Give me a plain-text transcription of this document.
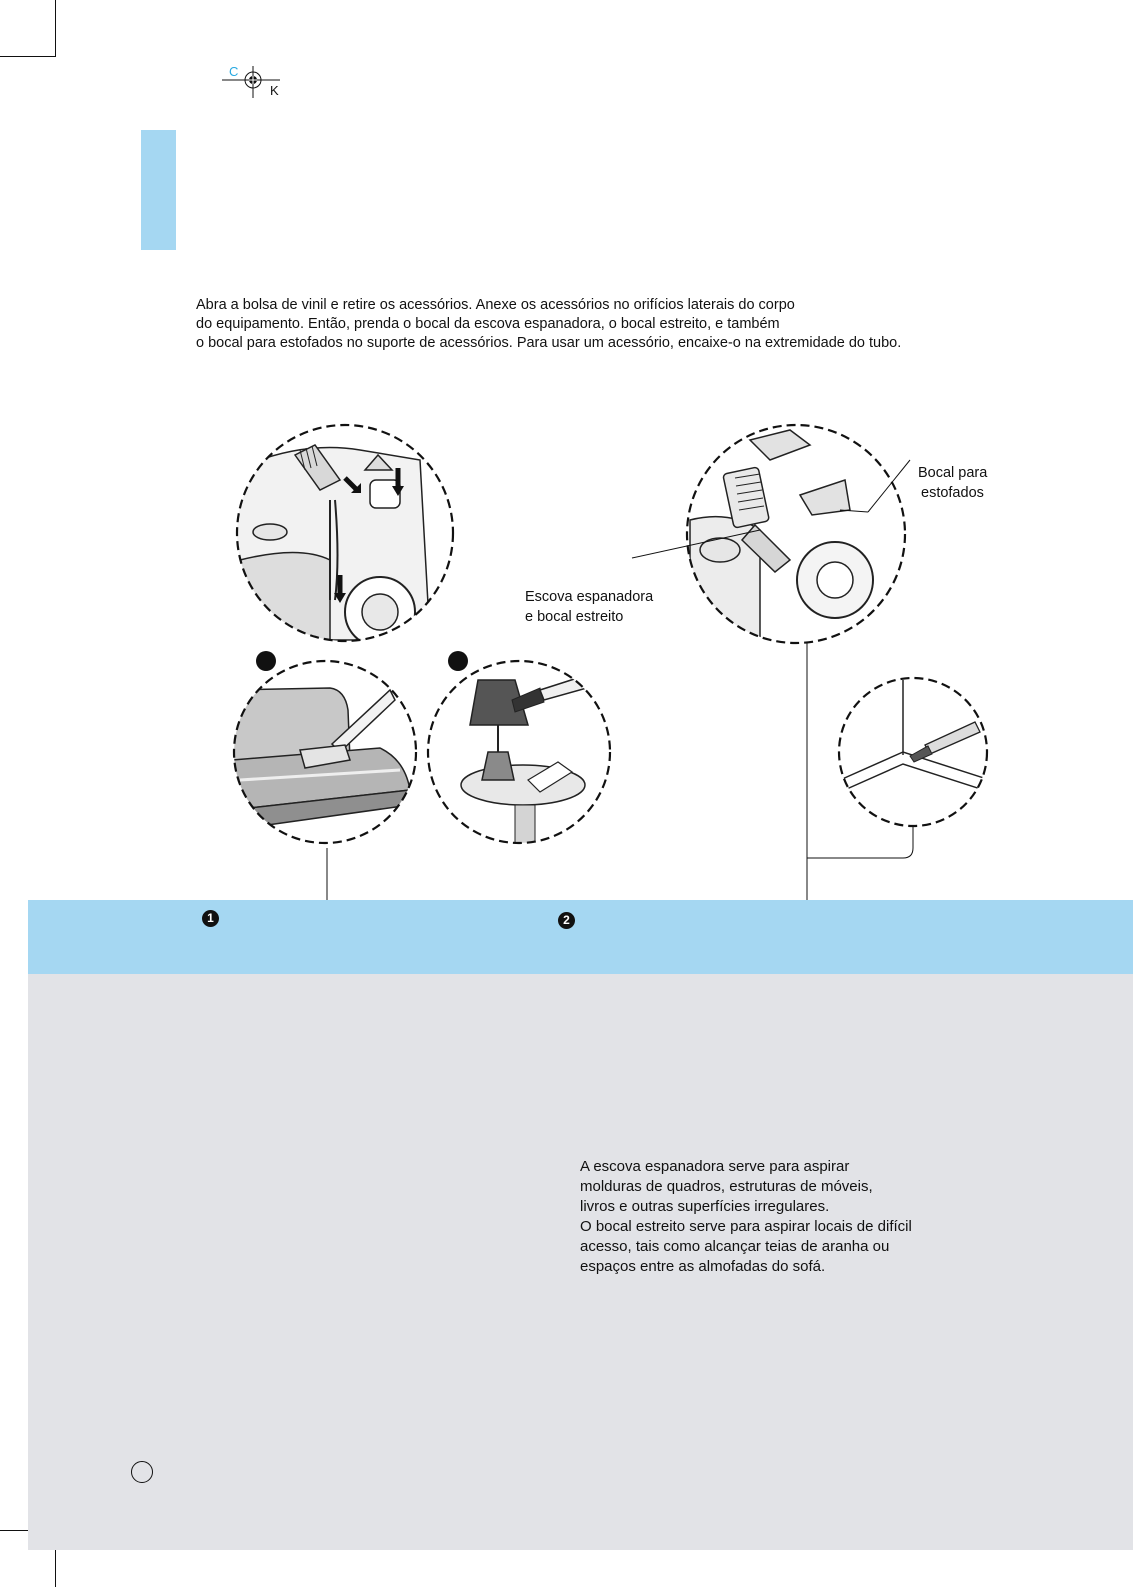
C
K

Abra a bolsa de vinil e retire os acessórios. Anexe os acessórios no orifícios laterais do corpo
do equipamento. Então, prenda o bocal da escova espanadora, o bocal estreito, e também
o bocal para estofados no suporte de acessórios. Para usar um acessório, encaixe-o na extremidade do tubo.

Bocal para
estofados
Escova espanadora
e bocal estreito
1	2
A escova espanadora serve para aspirar
molduras de quadros, estruturas de móveis,
livros e outras superfícies irregulares.
O bocal estreito serve para aspirar locais de difícil
acesso, tais como alcançar teias de aranha ou
espaços entre as almofadas do sofá.
